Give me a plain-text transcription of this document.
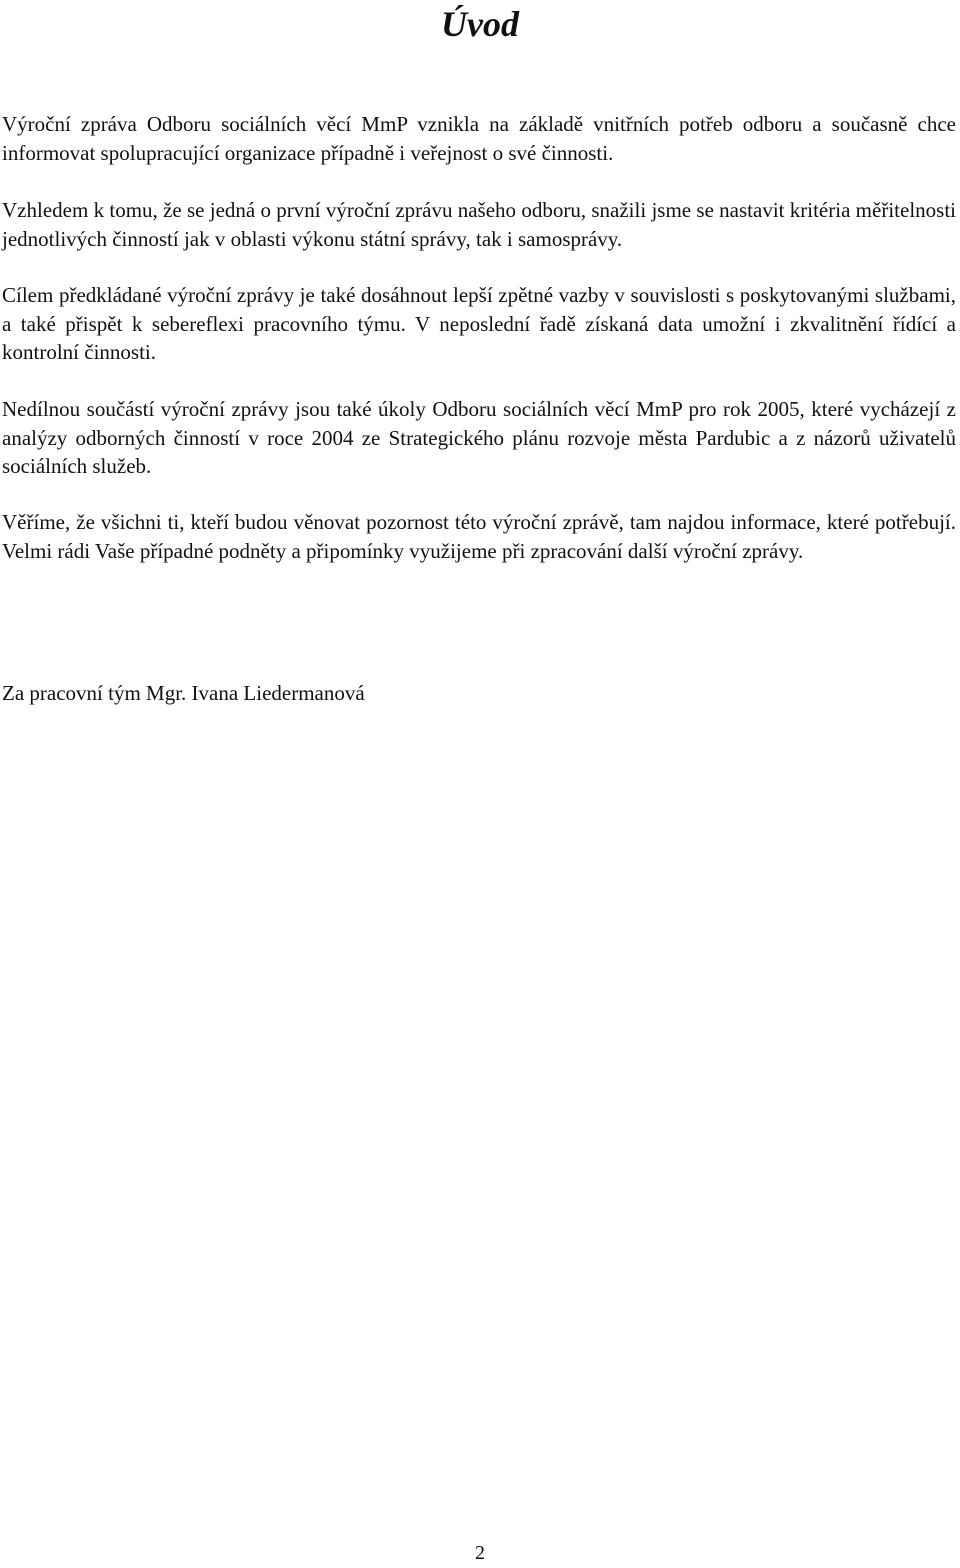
Úvod

Výroční zpráva Odboru sociálních věcí MmP vznikla na základě vnitřních potřeb odboru a současně chce informovat spolupracující organizace případně i veřejnost o své činnosti.

Vzhledem k tomu, že se jedná o první výroční zprávu našeho odboru, snažili jsme se nastavit kritéria měřitelnosti jednotlivých činností jak v oblasti výkonu státní správy, tak i samosprávy.

Cílem předkládané výroční zprávy je také dosáhnout lepší zpětné vazby v souvislosti s poskytovanými službami, a také přispět k sebereflexi pracovního týmu. V neposlední řadě získaná data umožní i zkvalitnění řídící a kontrolní činnosti.

Nedílnou součástí výroční zprávy jsou také úkoly Odboru sociálních věcí MmP pro rok 2005, které vycházejí z analýzy odborných činností v roce 2004 ze Strategického plánu rozvoje města Pardubic a z názorů uživatelů sociálních služeb.

Věříme, že všichni ti, kteří budou věnovat pozornost této výroční zprávě, tam najdou informace, které potřebují. Velmi rádi Vaše případné podněty a připomínky využijeme při zpracování další výroční zprávy.

Za pracovní tým Mgr. Ivana Liedermanová

2
